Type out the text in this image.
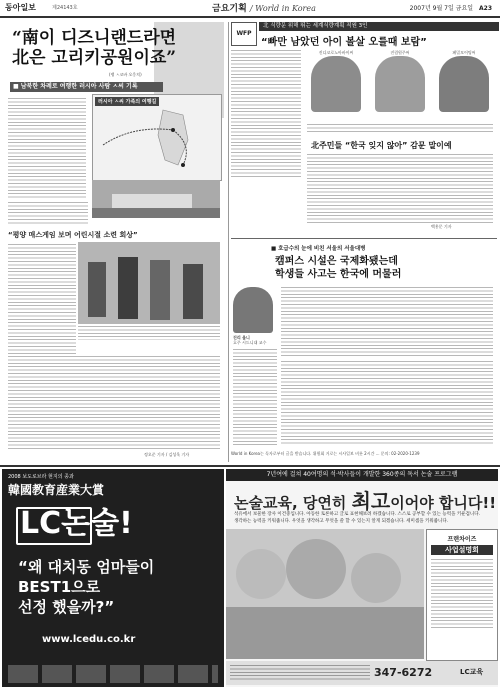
동아일보	제24143호	금요기획 / World in Korea	2007년 9월 7일 금요일 A23
“南이 디즈니랜드라면
北은 고리키공원이죠”
(쟁 ㅅ코바 오웅치)
■ 남북한 차례로 여행한 러시아 사람 ㅅ씨 기록
러시아 ㅅ씨 가족의 여행길
“평양 매스게임 보며 어린시절 소련 회상”
정오준 기자 / 김성욱 기자
WFP
北 식량문 위해 뛰는 세계식량계획 직원 3인
“빠만 남았던 아이 볼살 오를때 보람”
진디코로노아바이씨	진림원주씨	페밀모어팅씨
北주민들 “한국 잊지 않아” 감문 말이예
백홍문 기자
■ 호급수의 눈에 비친 서울의 서울대병
캠퍼스 시설은 국제화됐는데
학생들 사고는 한국에 머물러
진리 올니
호주 시드니대 교수
World in Korea는 독자로부터 글을 받습니다. 위원회 거로는 시사일보 비롯 2시간 ... 문의: 02-2020-1239
2008 보도로브라 현지의 종과
韓國教育産業大賞
LC논술!
“왜 대치동 엄마들이
BEST1으로
선정 했을까?”
www.lcedu.co.kr
7년여에 걸쳐 40여명의 석·박사들이 개발한 360종의 독서 논술 프로그램
논술교육, 당연히 최고이어야 합니다!!
석유에서 보물한 장사 이건중입니다. 아동한 토론하고 글로 표현해보려 하겠습니다. 스스로 공부할 수 있는 능력을 키운겁니다.
생각하는 능력을 키워줍니다. 우엇을 생각하고 무엇을 쓸 할 수 있는지 알게 되겠습니다. 세미셈을 키워줍니다.
프랜차이즈
사업설명회
347-6272	LC교육
